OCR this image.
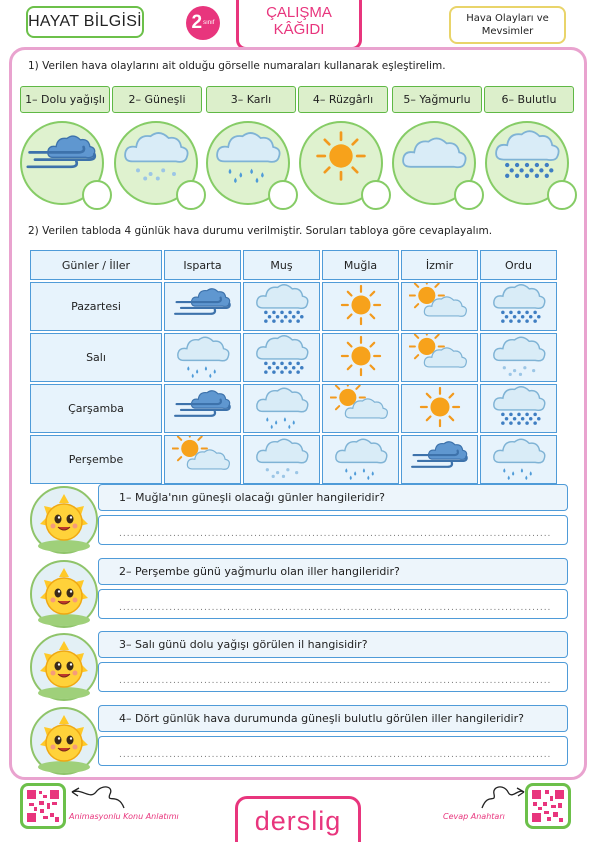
HAYAT BİLGİSİ	2 sınıf
ÇALIŞMA
KÂĞIDI
Hava Olayları ve Mevsimler
1) Verilen hava olaylarını ait olduğu görselle numaraları kullanarak eşleştirelim.
1– Dolu yağışlı	2– Güneşli	3– Karlı	4– Rüzgârlı	5– Yağmurlu	6– Bulutlu
2) Verilen tabloda 4 günlük hava durumu verilmiştir. Soruları tabloya göre cevaplayalım.
Günler / İller	Isparta	Muş	Muğla	İzmir	Ordu
Pazartesi					
Salı					
Çarşamba					
Perşembe					
1– Muğla'nın güneşli olacağı günler hangileridir?
................................................................................................................
2– Perşembe günü yağmurlu olan iller hangileridir?
................................................................................................................
3– Salı günü dolu yağışı görülen il hangisidir?
................................................................................................................
4– Dört günlük hava durumunda güneşli bulutlu görülen iller hangileridir?
................................................................................................................
Animasyonlu Konu Anlatımı	derslig	Cevap Anahtarı
